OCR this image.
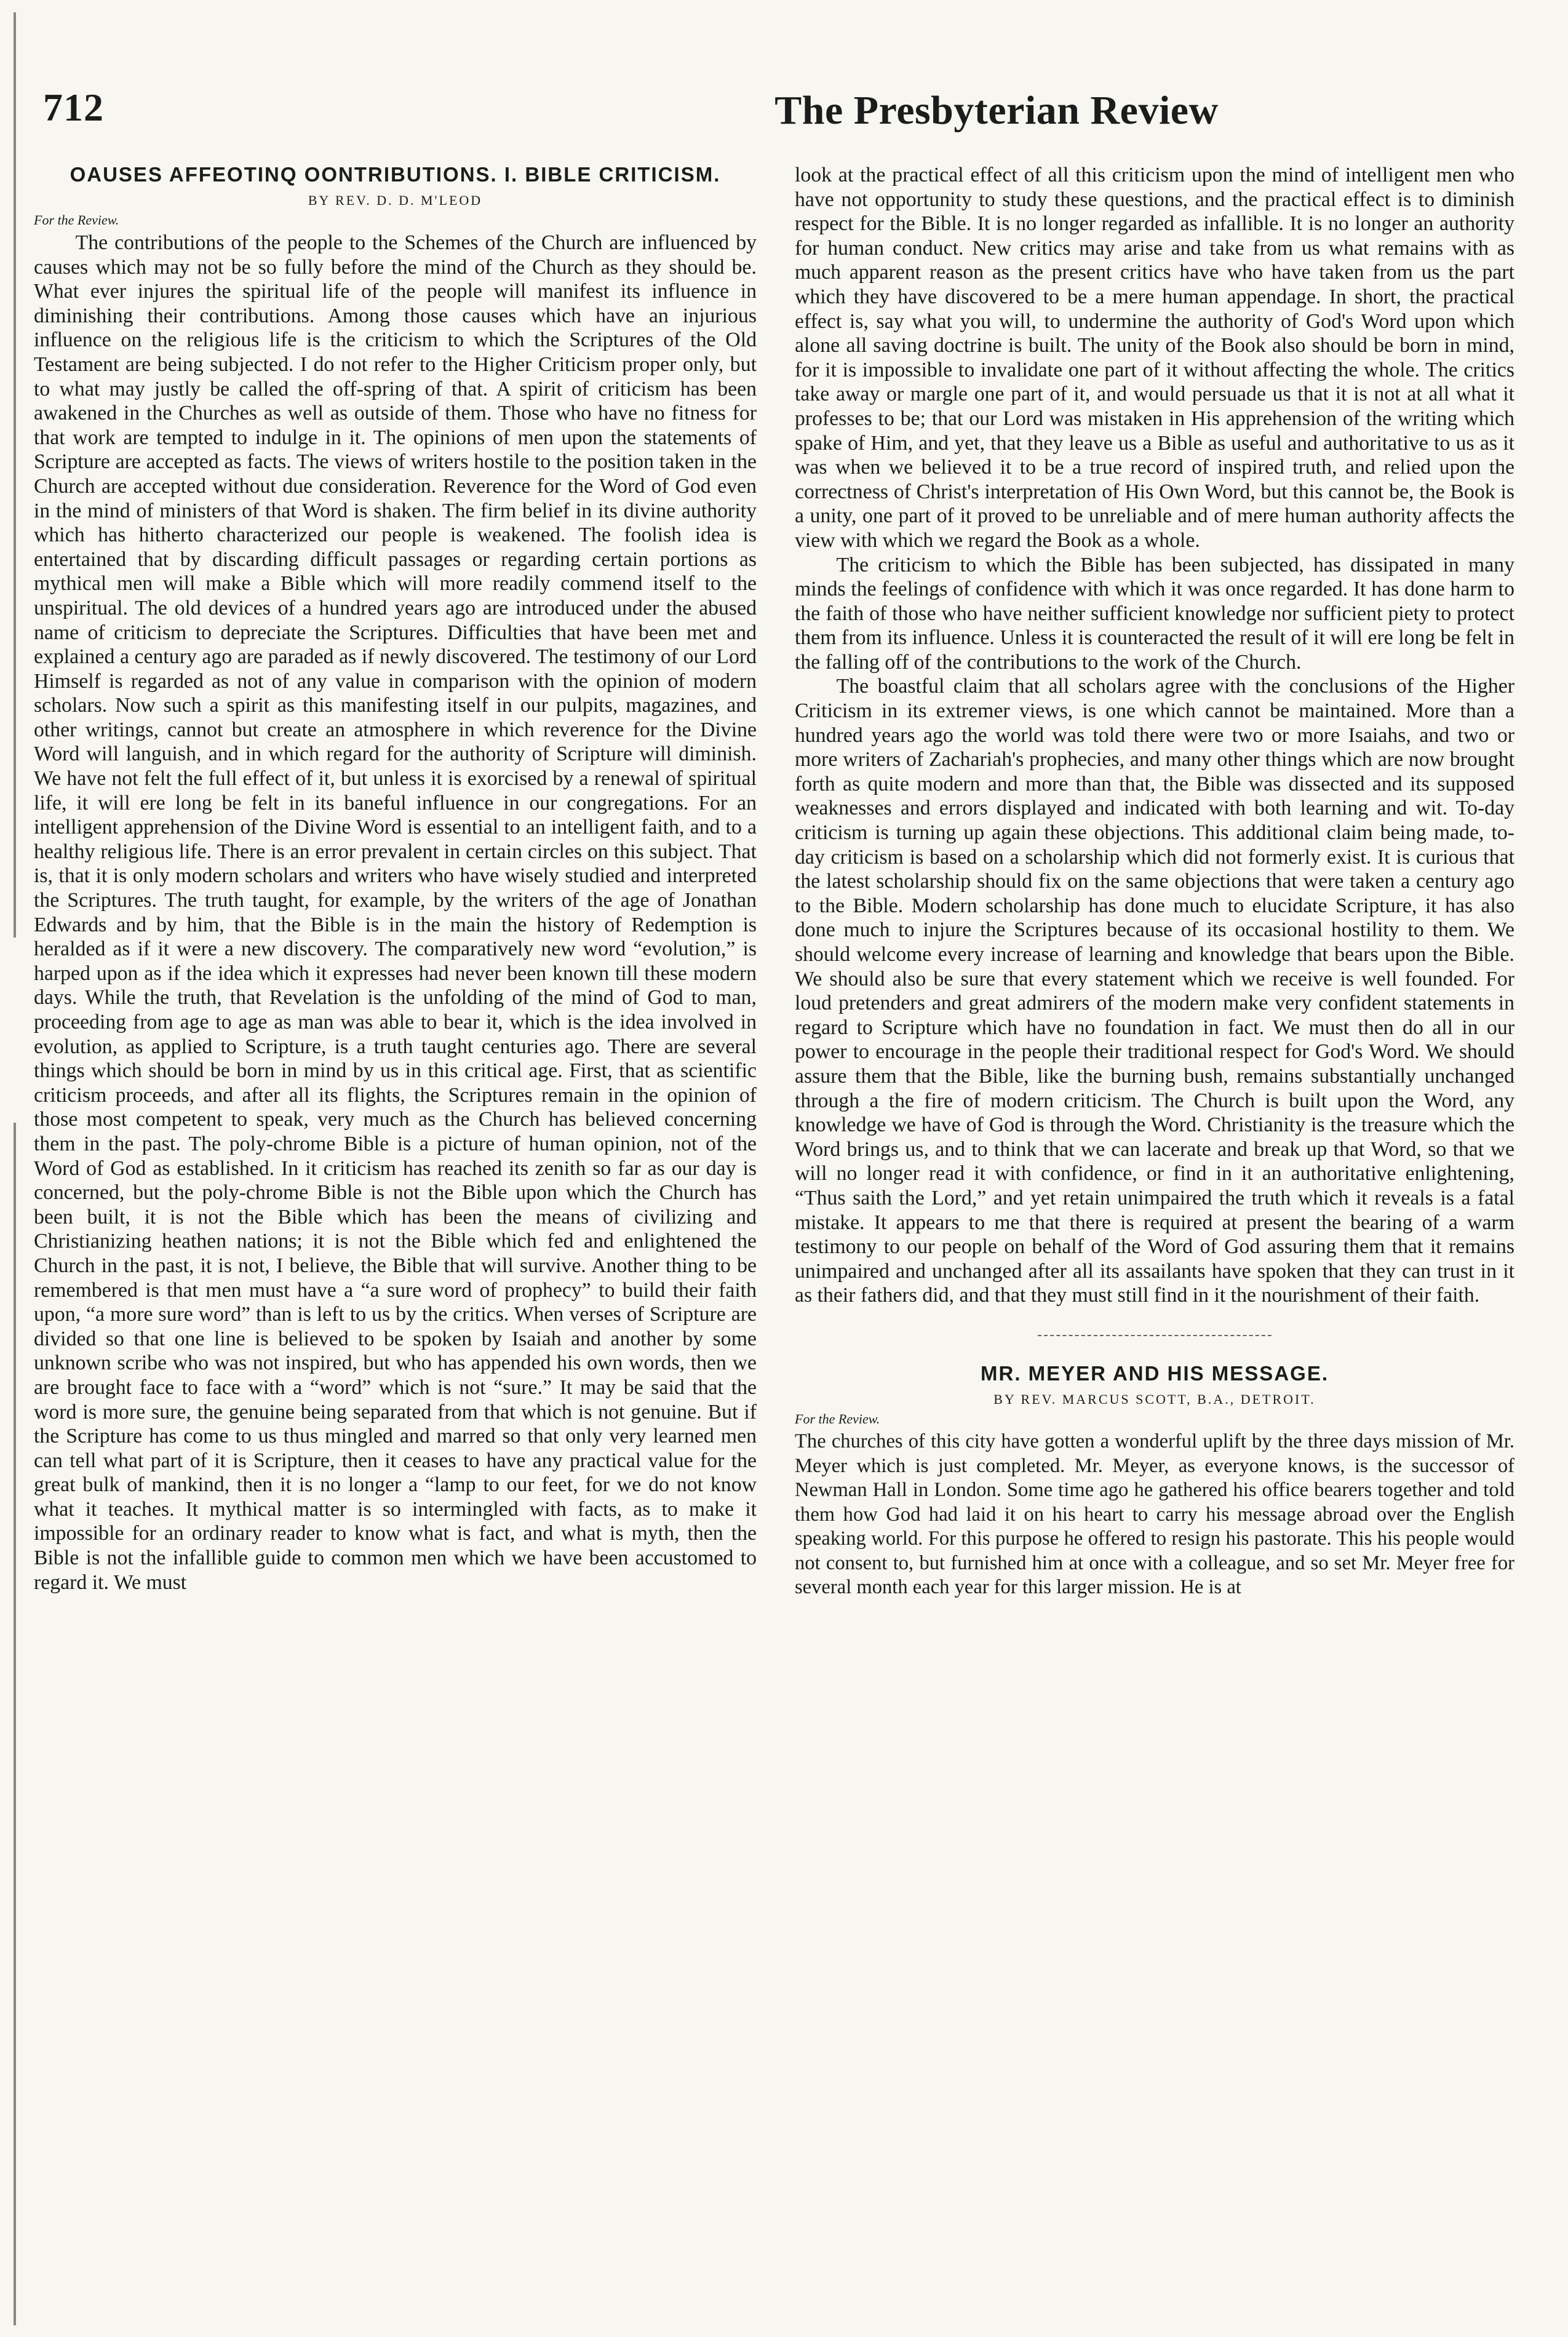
712	The Presbyterian Review
OAUSES AFFEOTINQ OONTRIBUTIONS. I. BIBLE CRITICISM.
BY REV. D. D. M'LEOD
For the Review.

The contributions of the people to the Schemes of the Church are influenced by causes which may not be so fully before the mind of the Church as they should be. What ever injures the spiritual life of the people will manifest its influence in diminishing their contributions. Among those causes which have an injurious influence on the religious life is the criticism to which the Scriptures of the Old Testament are being subjected. I do not refer to the Higher Criticism proper only, but to what may justly be called the off-spring of that. A spirit of criticism has been awakened in the Churches as well as outside of them. Those who have no fitness for that work are tempted to indulge in it. The opinions of men upon the statements of Scripture are accepted as facts. The views of writers hostile to the position taken in the Church are accepted without due consideration. Reverence for the Word of God even in the mind of ministers of that Word is shaken. The firm belief in its divine authority which has hitherto characterized our people is weakened. The foolish idea is entertained that by discarding difficult passages or regarding certain portions as mythical men will make a Bible which will more readily commend itself to the unspiritual. The old devices of a hundred years ago are introduced under the abused name of criticism to depreciate the Scriptures. Difficulties that have been met and explained a century ago are paraded as if newly discovered. The testimony of our Lord Himself is regarded as not of any value in comparison with the opinion of modern scholars. Now such a spirit as this manifesting itself in our pulpits, magazines, and other writings, cannot but create an atmosphere in which reverence for the Divine Word will languish, and in which regard for the authority of Scripture will diminish. We have not felt the full effect of it, but unless it is exorcised by a renewal of spiritual life, it will ere long be felt in its baneful influence in our congregations. For an intelligent apprehension of the Divine Word is essential to an intelligent faith, and to a healthy religious life. There is an error prevalent in certain circles on this subject. That is, that it is only modern scholars and writers who have wisely studied and interpreted the Scriptures. The truth taught, for example, by the writers of the age of Jonathan Edwards and by him, that the Bible is in the main the history of Redemption is heralded as if it were a new discovery. The comparatively new word “evolution,” is harped upon as if the idea which it expresses had never been known till these modern days. While the truth, that Revelation is the unfolding of the mind of God to man, proceeding from age to age as man was able to bear it, which is the idea involved in evolution, as applied to Scripture, is a truth taught centuries ago. There are several things which should be born in mind by us in this critical age. First, that as scientific criticism proceeds, and after all its flights, the Scriptures remain in the opinion of those most competent to speak, very much as the Church has believed concerning them in the past. The poly-chrome Bible is a picture of human opinion, not of the Word of God as established. In it criticism has reached its zenith so far as our day is concerned, but the poly-chrome Bible is not the Bible upon which the Church has been built, it is not the Bible which has been the means of civilizing and Christianizing heathen nations; it is not the Bible which fed and enlightened the Church in the past, it is not, I believe, the Bible that will survive. Another thing to be remembered is that men must have a “a sure word of prophecy” to build their faith upon, “a more sure word” than is left to us by the critics. When verses of Scripture are divided so that one line is believed to be spoken by Isaiah and another by some unknown scribe who was not inspired, but who has appended his own words, then we are brought face to face with a “word” which is not “sure.” It may be said that the word is more sure, the genuine being separated from that which is not genuine. But if the Scripture has come to us thus mingled and marred so that only very learned men can tell what part of it is Scripture, then it ceases to have any practical value for the great bulk of mankind, then it is no longer a “lamp to our feet, for we do not know what it teaches. It mythical matter is so intermingled with facts, as to make it impossible for an ordinary reader to know what is fact, and what is myth, then the Bible is not the infallible guide to common men which we have been accustomed to regard it. We must

look at the practical effect of all this criticism upon the mind of intelligent men who have not opportunity to study these questions, and the practical effect is to diminish respect for the Bible. It is no longer regarded as infallible. It is no longer an authority for human conduct. New critics may arise and take from us what remains with as much apparent reason as the present critics have who have taken from us the part which they have discovered to be a mere human appendage. In short, the practical effect is, say what you will, to undermine the authority of God's Word upon which alone all saving doctrine is built. The unity of the Book also should be born in mind, for it is impossible to invalidate one part of it without affecting the whole. The critics take away or margle one part of it, and would persuade us that it is not at all what it professes to be; that our Lord was mistaken in His apprehension of the writing which spake of Him, and yet, that they leave us a Bible as useful and authoritative to us as it was when we believed it to be a true record of inspired truth, and relied upon the correctness of Christ's interpretation of His Own Word, but this cannot be, the Book is a unity, one part of it proved to be unreliable and of mere human authority affects the view with which we regard the Book as a whole.

The criticism to which the Bible has been subjected, has dissipated in many minds the feelings of confidence with which it was once regarded. It has done harm to the faith of those who have neither sufficient knowledge nor sufficient piety to protect them from its influence. Unless it is counteracted the result of it will ere long be felt in the falling off of the contributions to the work of the Church.

The boastful claim that all scholars agree with the conclusions of the Higher Criticism in its extremer views, is one which cannot be maintained. More than a hundred years ago the world was told there were two or more Isaiahs, and two or more writers of Zachariah's prophecies, and many other things which are now brought forth as quite modern and more than that, the Bible was dissected and its supposed weaknesses and errors displayed and indicated with both learning and wit. To-day criticism is turning up again these objections. This additional claim being made, to-day criticism is based on a scholarship which did not formerly exist. It is curious that the latest scholarship should fix on the same objections that were taken a century ago to the Bible. Modern scholarship has done much to elucidate Scripture, it has also done much to injure the Scriptures because of its occasional hostility to them. We should welcome every increase of learning and knowledge that bears upon the Bible. We should also be sure that every statement which we receive is well founded. For loud pretenders and great admirers of the modern make very confident statements in regard to Scripture which have no foundation in fact. We must then do all in our power to encourage in the people their traditional respect for God's Word. We should assure them that the Bible, like the burning bush, remains substantially unchanged through a the fire of modern criticism. The Church is built upon the Word, any knowledge we have of God is through the Word. Christianity is the treasure which the Word brings us, and to think that we can lacerate and break up that Word, so that we will no longer read it with confidence, or find in it an authoritative enlightening, “Thus saith the Lord,” and yet retain unimpaired the truth which it reveals is a fatal mistake. It appears to me that there is required at present the bearing of a warm testimony to our people on behalf of the Word of God assuring them that it remains unimpaired and unchanged after all its assailants have spoken that they can trust in it as their fathers did, and that they must still find in it the nourishment of their faith.

MR. MEYER AND HIS MESSAGE.
BY REV. MARCUS SCOTT, B.A., DETROIT.
For the Review.

The churches of this city have gotten a wonderful uplift by the three days mission of Mr. Meyer which is just completed. Mr. Meyer, as everyone knows, is the successor of Newman Hall in London. Some time ago he gathered his office bearers together and told them how God had laid it on his heart to carry his message abroad over the English speaking world. For this purpose he offered to resign his pastorate. This his people would not consent to, but furnished him at once with a colleague, and so set Mr. Meyer free for several month each year for this larger mission. He is at
